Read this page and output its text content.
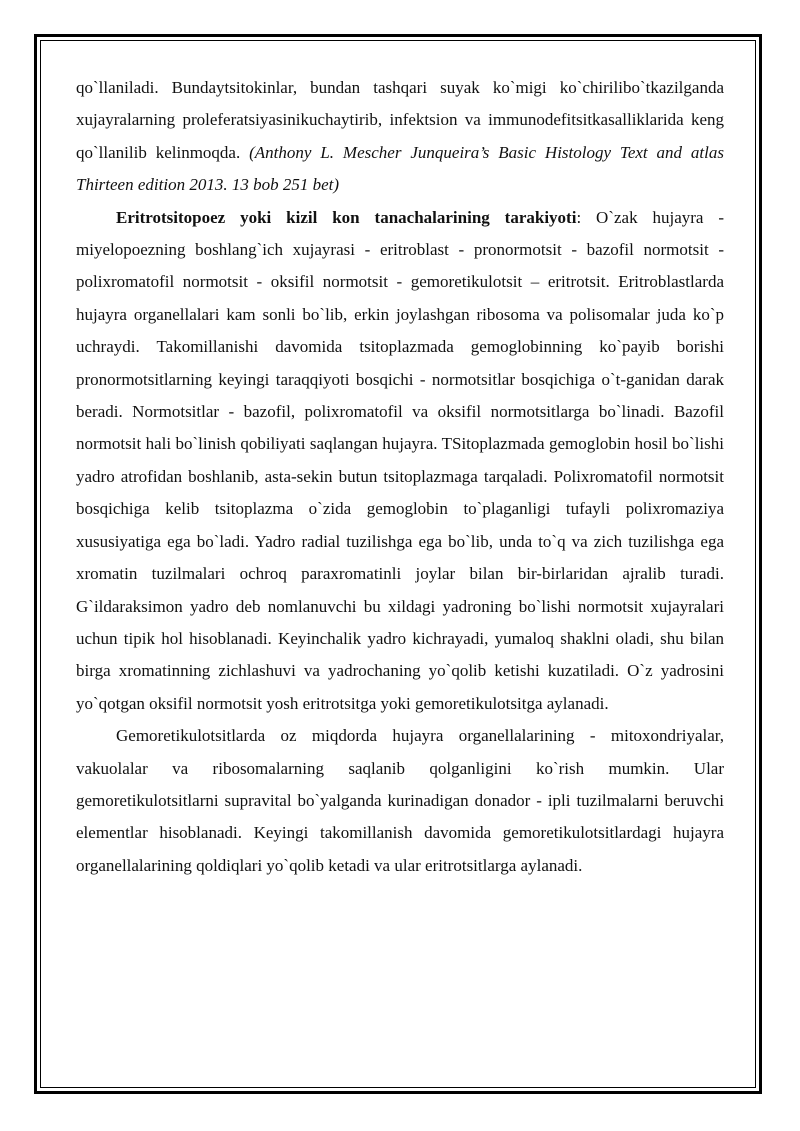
qo`llaniladi. Bundaytsitokinlar, bundan tashqari suyak ko`migi ko`chirilibo`tkazilganda xujayralarning proleferatsiyasinikuchaytirib, infektsion va immunodefitsitkasalliklarida keng qo`llanilib kelinmoqda. (Anthony L. Mescher Junqueira’s Basic Histology Text and atlas Thirteen edition 2013. 13 bob 251 bet)

Eritrotsitopoez yoki kizil kon tanachalarining tarakiyoti: O`zak hujayra - miyelopoezning boshlang`ich xujayrasi - eritroblast - pronormotsit - bazofil normotsit - polixromatofil normotsit - oksifil normotsit - gemoretikulotsit – eritrotsit. Eritroblastlarda hujayra organellalari kam sonli bo`lib, erkin joylashgan ribosoma va polisomalar juda ko`p uchraydi. Takomillanishi davomida tsitoplazmada gemoglobinning ko`payib borishi pronormotsitlarning keyingi taraqqiyoti bosqichi - normotsitlar bosqichiga o`t-ganidan darak beradi. Normotsitlar - bazofil, polixromatofil va oksifil normotsitlarga bo`linadi. Bazofil normotsit hali bo`linish qobiliyati saqlangan hujayra. TSitoplazmada gemoglobin hosil bo`lishi yadro atrofidan boshlanib, asta-sekin butun tsitoplazmaga tarqaladi. Polixromatofil normotsit bosqichiga kelib tsitoplazma o`zida gemoglobin to`plaganligi tufayli polixromaziya xususiyatiga ega bo`ladi. Yadro radial tuzilishga ega bo`lib, unda to`q va zich tuzilishga ega xromatin tuzilmalari ochroq paraxromatinli joylar bilan bir-birlaridan ajralib turadi. G`ildaraksimon yadro deb nomlanuvchi bu xildagi yadroning bo`lishi normotsit xujayralari uchun tipik hol hisoblanadi. Keyinchalik yadro kichrayadi, yumaloq shaklni oladi, shu bilan birga xromatinning zichlashuvi va yadrochaning yo`qolib ketishi kuzatiladi. O`z yadrosini yo`qotgan oksifil normotsit yosh eritrotsitga yoki gemoretikulotsitga aylanadi.

Gemoretikulotsitlarda oz miqdorda hujayra organellalarining - mitoxondriyalar, vakuolalar va ribosomalarning saqlanib qolganligini ko`rish mumkin. Ular gemoretikulotsitlarni supravital bo`yalganda kurinadigan donador - ipli tuzilmalarni beruvchi elementlar hisoblanadi. Keyingi takomillanish davomida gemoretikulotsitlardagi hujayra organellalarining qoldiqlari yo`qolib ketadi va ular eritrotsitlarga aylanadi.
